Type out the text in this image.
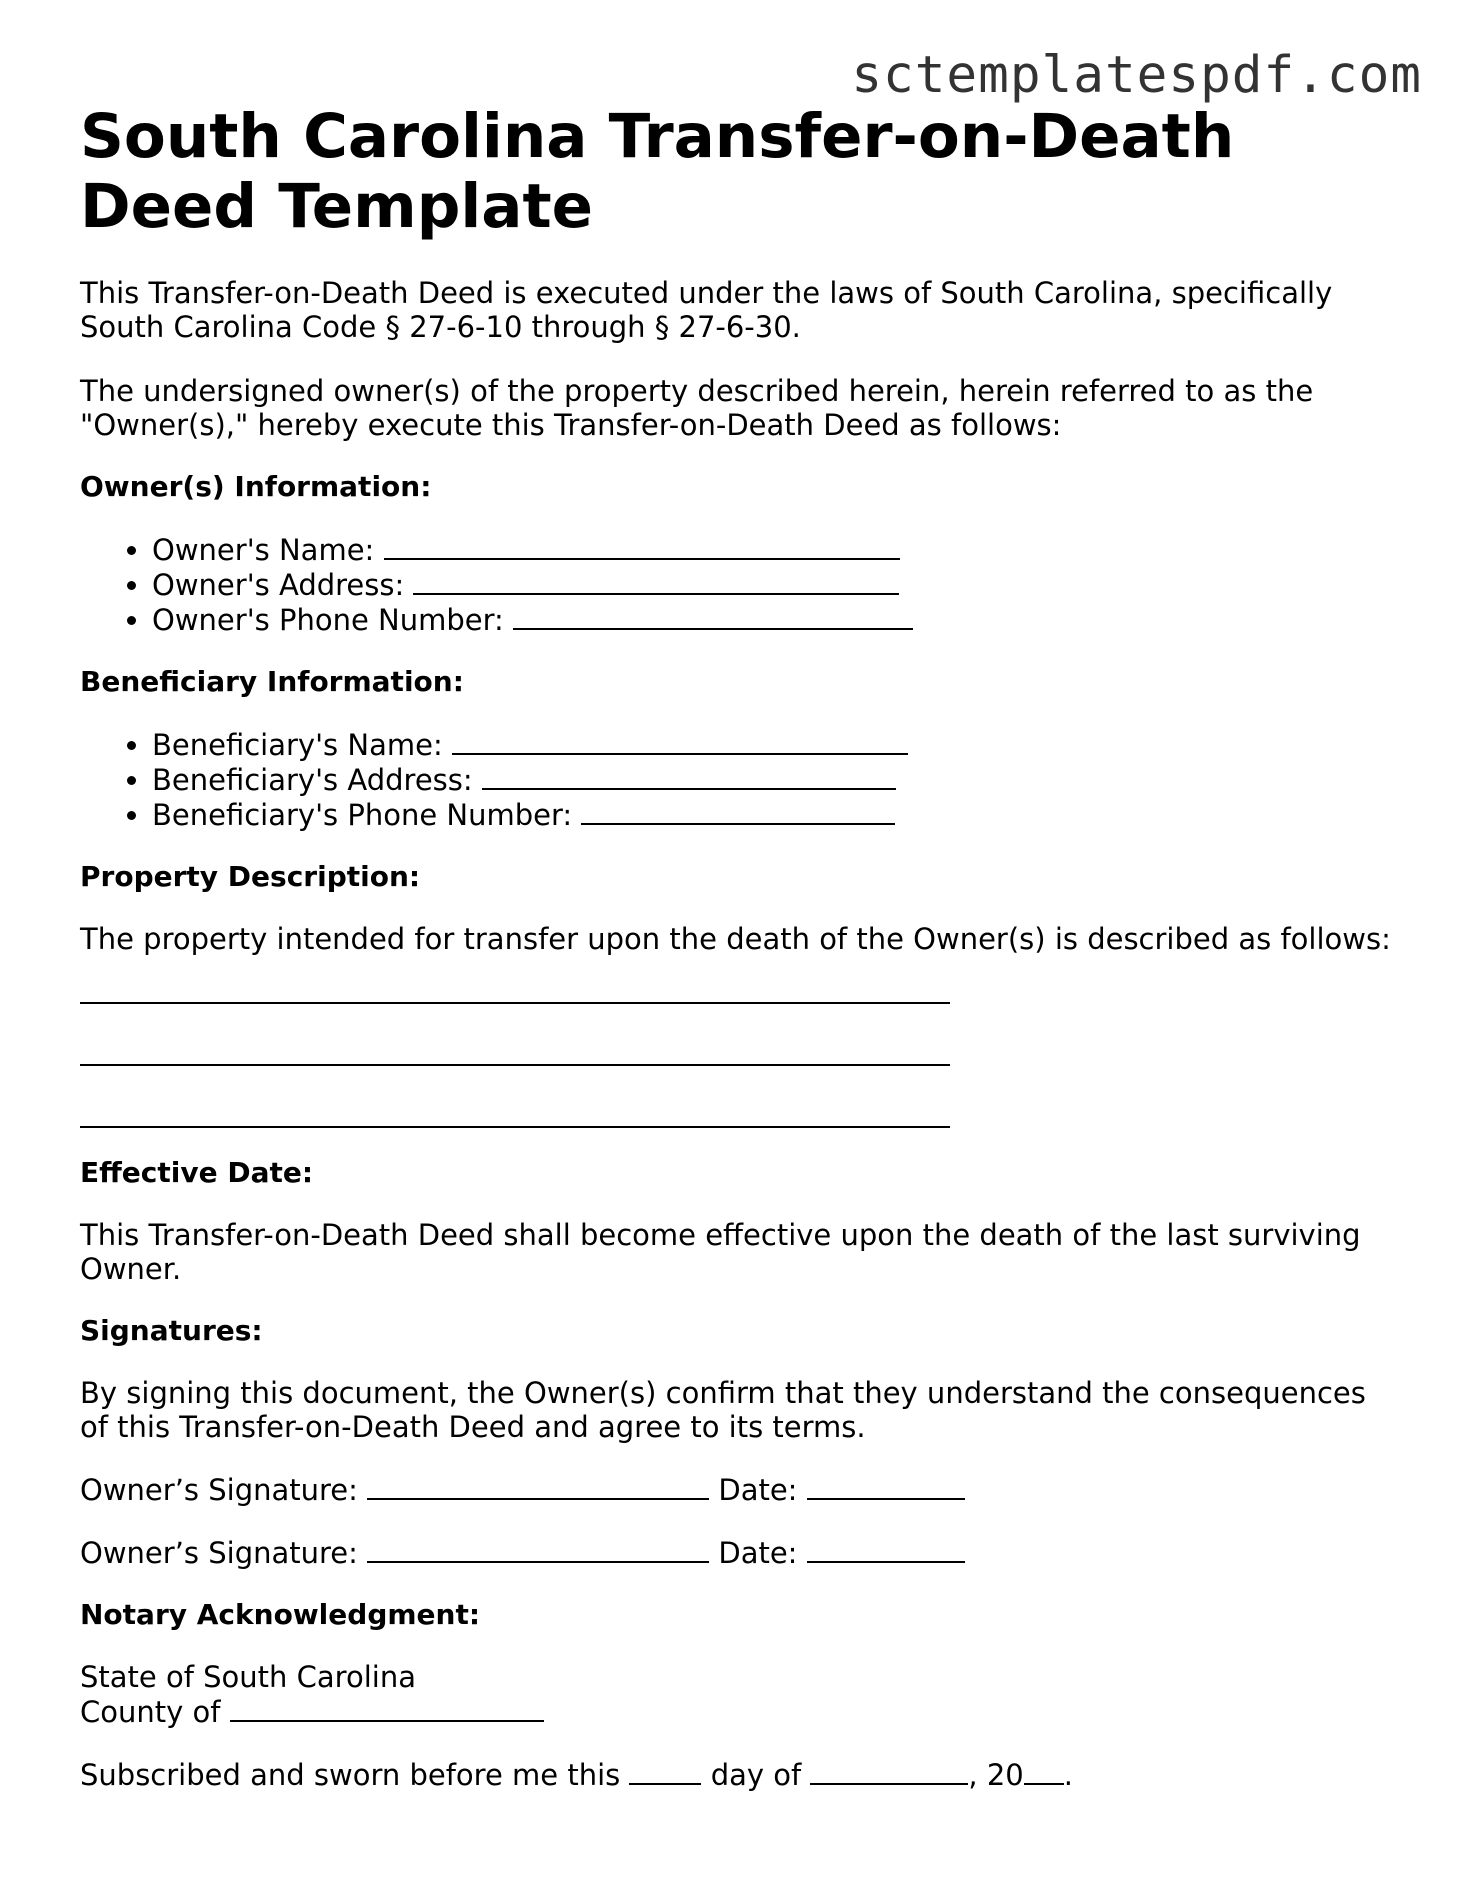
sctemplatespdf.com
South Carolina Transfer-on-Death Deed Template

This Transfer-on-Death Deed is executed under the laws of South Carolina, specifically South Carolina Code § 27-6-10 through § 27-6-30.

The undersigned owner(s) of the property described herein, herein referred to as the "Owner(s)," hereby execute this Transfer-on-Death Deed as follows:

Owner(s) Information:
• Owner's Name:
• Owner's Address:
• Owner's Phone Number:
Beneficiary Information:
• Beneficiary's Name:
• Beneficiary's Address:
• Beneficiary's Phone Number:
Property Description:

The property intended for transfer upon the death of the Owner(s) is described as follows:

Effective Date:

This Transfer-on-Death Deed shall become effective upon the death of the last surviving Owner.

Signatures:

By signing this document, the Owner(s) confirm that they understand the consequences of this Transfer-on-Death Deed and agree to its terms.

Owner’s Signature:	Date:

Owner’s Signature:	Date:

Notary Acknowledgment:

State of South Carolina

County of

Subscribed and sworn before me this	day of	, 20 .
